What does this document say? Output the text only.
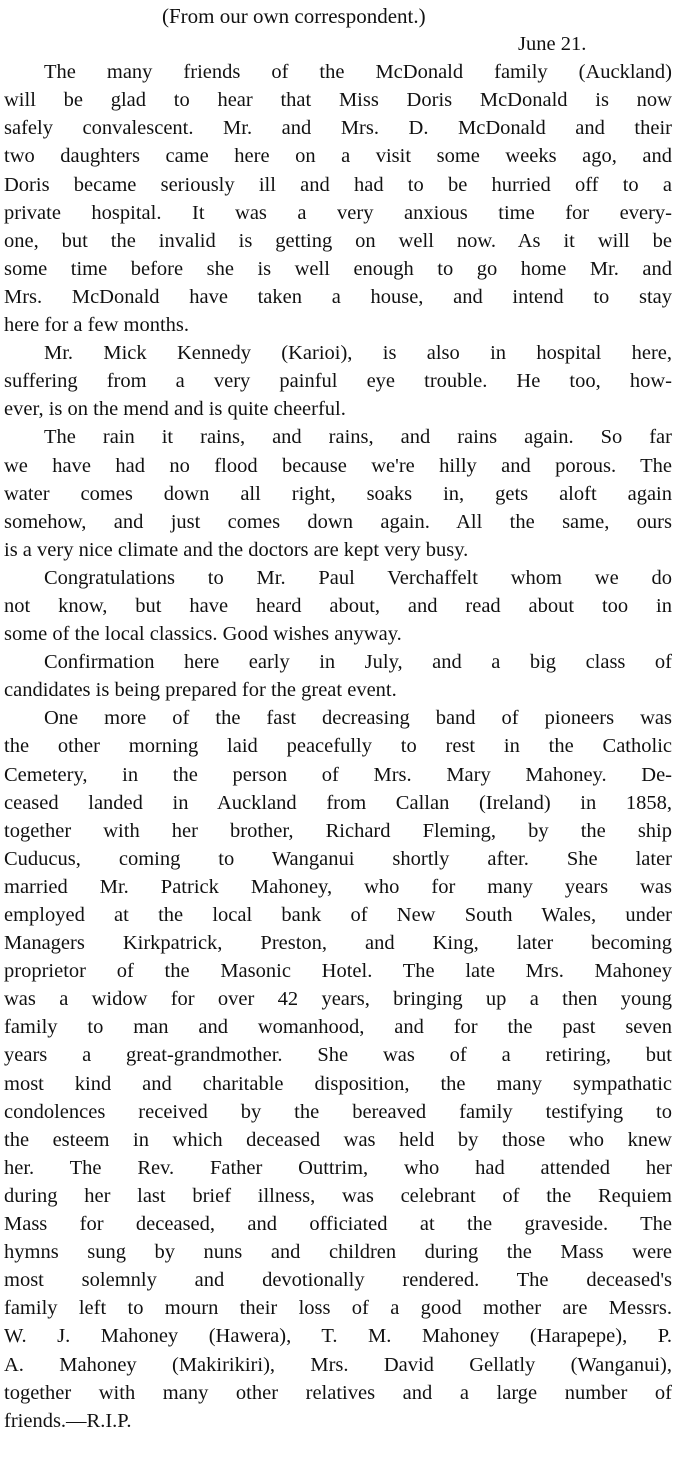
(From our own correspondent.)
June 21.
The many friends of the McDonald family (Auckland)
will be glad to hear that Miss Doris McDonald is now
safely convalescent. Mr. and Mrs. D. McDonald and their
two daughters came here on a visit some weeks ago, and
Doris became seriously ill and had to be hurried off to a
private hospital. It was a very anxious time for every-
one, but the invalid is getting on well now. As it will be
some time before she is well enough to go home Mr. and
Mrs. McDonald have taken a house, and intend to stay
here for a few months.
Mr. Mick Kennedy (Karioi), is also in hospital here,
suffering from a very painful eye trouble. He too, how-
ever, is on the mend and is quite cheerful.
The rain it rains, and rains, and rains again. So far
we have had no flood because we're hilly and porous. The
water comes down all right, soaks in, gets aloft again
somehow, and just comes down again. All the same, ours
is a very nice climate and the doctors are kept very busy.
Congratulations to Mr. Paul Verchaffelt whom we do
not know, but have heard about, and read about too in
some of the local classics. Good wishes anyway.
Confirmation here early in July, and a big class of
candidates is being prepared for the great event.
One more of the fast decreasing band of pioneers was
the other morning laid peacefully to rest in the Catholic
Cemetery, in the person of Mrs. Mary Mahoney. De-
ceased landed in Auckland from Callan (Ireland) in 1858,
together with her brother, Richard Fleming, by the ship
Cuducus, coming to Wanganui shortly after. She later
married Mr. Patrick Mahoney, who for many years was
employed at the local bank of New South Wales, under
Managers Kirkpatrick, Preston, and King, later becoming
proprietor of the Masonic Hotel. The late Mrs. Mahoney
was a widow for over 42 years, bringing up a then young
family to man and womanhood, and for the past seven
years a great-grandmother. She was of a retiring, but
most kind and charitable disposition, the many sympathatic
condolences received by the bereaved family testifying to
the esteem in which deceased was held by those who knew
her. The Rev. Father Outtrim, who had attended her
during her last brief illness, was celebrant of the Requiem
Mass for deceased, and officiated at the graveside. The
hymns sung by nuns and children during the Mass were
most solemnly and devotionally rendered. The deceased's
family left to mourn their loss of a good mother are Messrs.
W. J. Mahoney (Hawera), T. M. Mahoney (Harapepe), P.
A. Mahoney (Makirikiri), Mrs. David Gellatly (Wanganui),
together with many other relatives and a large number of
friends.—R.I.P.
